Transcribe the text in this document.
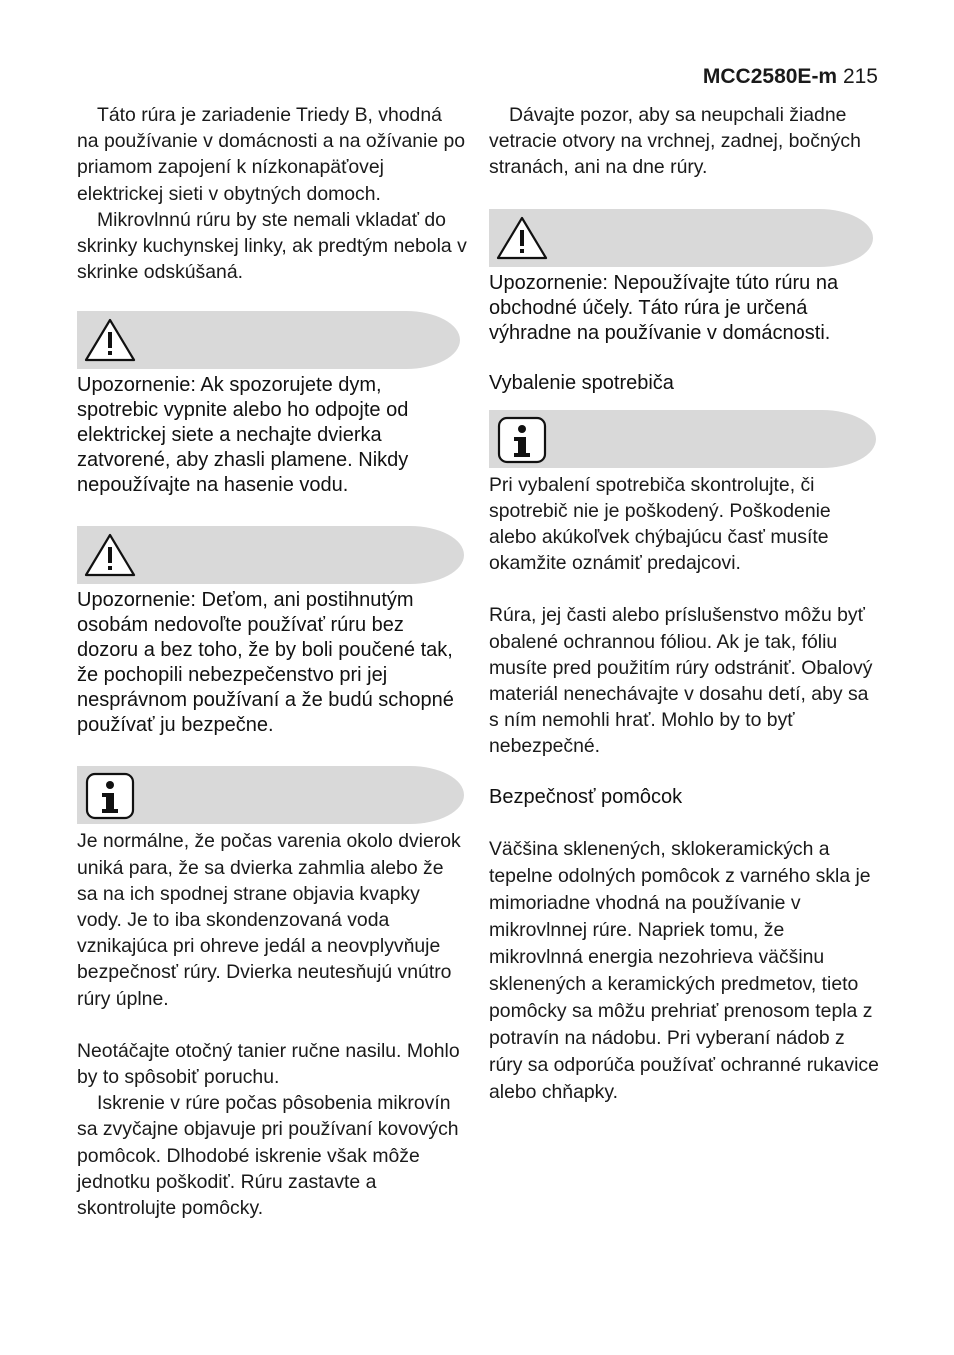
MCC2580E-m 215

Táto rúra je zariadenie Triedy B, vhodná na používanie v domácnosti a na ožívanie po priamom zapojení k nízkonapäťovej elektrickej sieti v obytných domoch.

Mikrovlnnú rúru by ste nemali vkladať do skrinky kuchynskej linky, ak predtým nebola v skrinke odskúšaná.

Upozornenie: Ak spozorujete dym, spotrebic vypnite alebo ho odpojte od elektrickej siete a nechajte dvierka zatvorené, aby zhasli plamene. Nikdy nepoužívajte na hasenie vodu.

Upozornenie: Deťom, ani postihnutým osobám nedovoľte používať rúru bez dozoru a bez toho, že by boli poučené tak, že pochopili nebezpečenstvo pri jej nesprávnom používaní a že budú schopné používať ju bezpečne.

Je normálne, že počas varenia okolo dvierok uniká para, že sa dvierka zahmlia alebo že sa na ich spodnej strane objavia kvapky vody. Je to iba skondenzovaná voda vznikajúca pri ohreve jedál a neovplyvňuje bezpečnosť rúry. Dvierka neutesňujú vnútro rúry úplne.

Neotáčajte otočný tanier ručne nasilu. Mohlo by to spôsobiť poruchu.

Iskrenie v rúre počas pôsobenia mikrovín sa zvyčajne objavuje pri používaní kovových pomôcok. Dlhodobé iskrenie však môže jednotku poškodiť. Rúru zastavte a skontrolujte pomôcky.

Dávajte pozor, aby sa neupchali žiadne vetracie otvory na vrchnej, zadnej, bočných stranách, ani na dne rúry.

Upozornenie: Nepoužívajte túto rúru na obchodné účely. Táto rúra je určená výhradne na používanie v domácnosti.

Vybalenie spotrebiča

Pri vybalení spotrebiča skontrolujte, či spotrebič nie je poškodený. Poškodenie alebo akúkoľvek chýbajúcu časť musíte okamžite oznámiť predajcovi.

Rúra, jej časti alebo príslušenstvo môžu byť obalené ochrannou fóliou. Ak je tak, fóliu musíte pred použitím rúry odstrániť. Obalový materiál nenechávajte v dosahu detí, aby sa s ním nemohli hrať. Mohlo by to byť nebezpečné.

Bezpečnosť pomôcok

Väčšina sklenených, sklokeramických a tepelne odolných pomôcok z varného skla je mimoriadne vhodná na používanie v mikrovlnnej rúre. Napriek tomu, že mikrovlnná energia nezohrieva väčšinu sklenených a keramických predmetov, tieto pomôcky sa môžu prehriať prenosom tepla z potravín na nádobu. Pri vyberaní nádob z rúry sa odporúča používať ochranné rukavice alebo chňapky.
